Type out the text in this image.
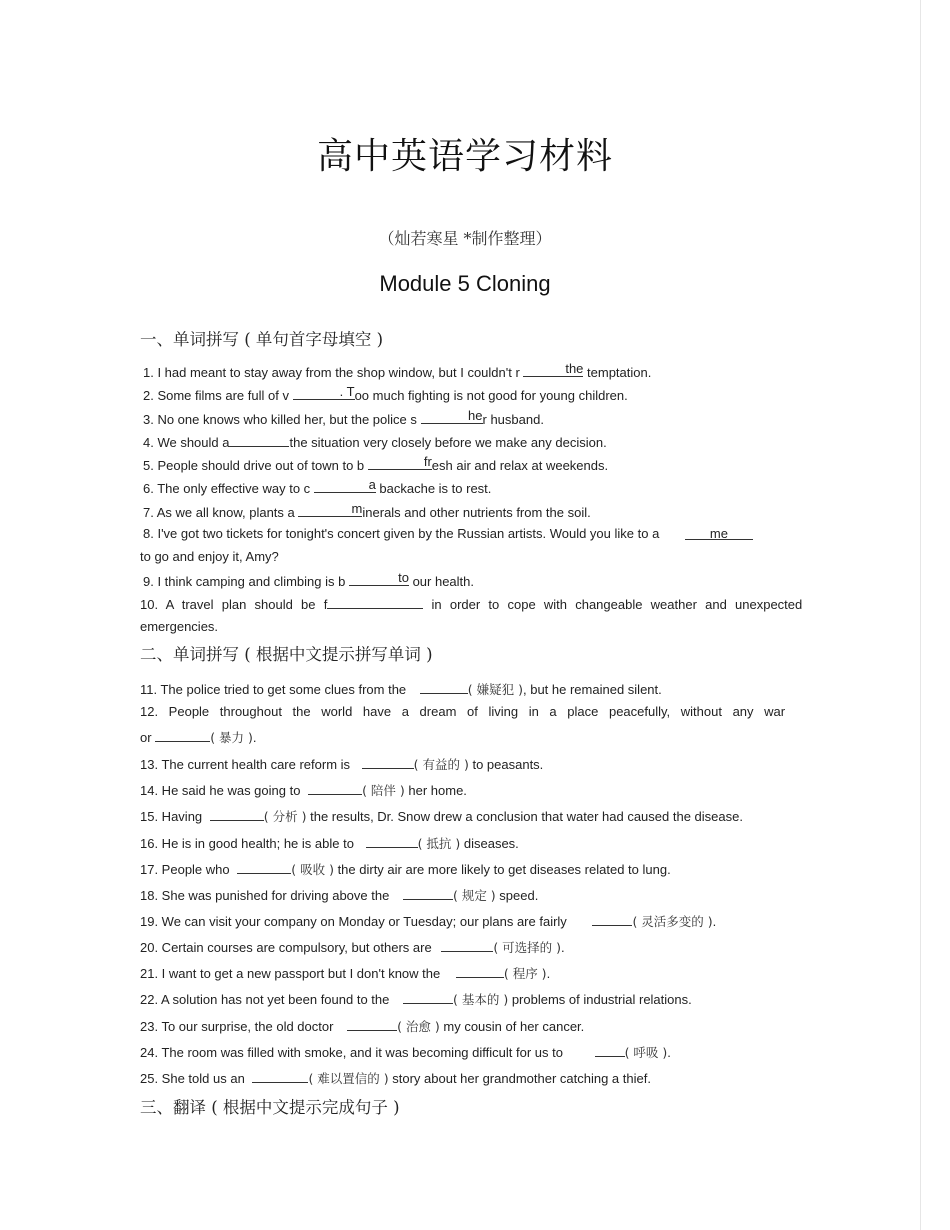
高中英语学习材料
（灿若寒星 *制作整理）
Module 5 Cloning
一、单词拼写 ( 单句首字母填空 )
1. I had meant to stay away from the shop window, but I couldn't r	the temptation.
2. Some films are full of v	. T oo much fighting is not good for young children.
3. No one knows who killed her, but the police s	he r husband.
4. We should a	the situation very closely before we make any decision.
5. People should drive out of town to b	fr esh air and relax at weekends.
6. The only effective way to c	a backache is to rest.
7. As we all know, plants a	m inerals and other nutrients from the soil.
8. I've got two tickets for tonight's concert given by the Russian artists. Would you like to a	me
to go and enjoy it, Amy?
9. I think camping and climbing is b	to our health.
10. A travel plan should be f	in order to cope with changeable weather and unexpected
emergencies.
二、单词拼写 ( 根据中文提示拼写单词 )
11. The police tried to get some clues from the	( 嫌疑犯 ), but he remained silent.
12. People throughout the world have a dream of living in a place peacefully, without any war
or	( 暴力 ).
13. The current health care reform is	( 有益的 ) to peasants.
14. He said he was going to	( 陪伴 ) her home.
15. Having	( 分析 ) the results, Dr. Snow drew a conclusion that water had caused the disease.
16. He is in good health; he is able to	( 抵抗 ) diseases.
17. People who	( 吸收 ) the dirty air are more likely to get diseases related to lung.
18. She was punished for driving above the	( 规定 ) speed.
19. We can visit your company on Monday or Tuesday; our plans are fairly	( 灵活多变的 ).
20. Certain courses are compulsory, but others are	( 可选择的 ).
21. I want to get a new passport but I don't know the	( 程序 ).
22. A solution has not yet been found to the	( 基本的 ) problems of industrial relations.
23. To our surprise, the old doctor	( 治愈 ) my cousin of her cancer.
24. The room was filled with smoke, and it was becoming difficult for us to	( 呼吸 ).
25. She told us an	( 难以置信的 ) story about her grandmother catching a thief.
三、翻译 ( 根据中文提示完成句子 )
